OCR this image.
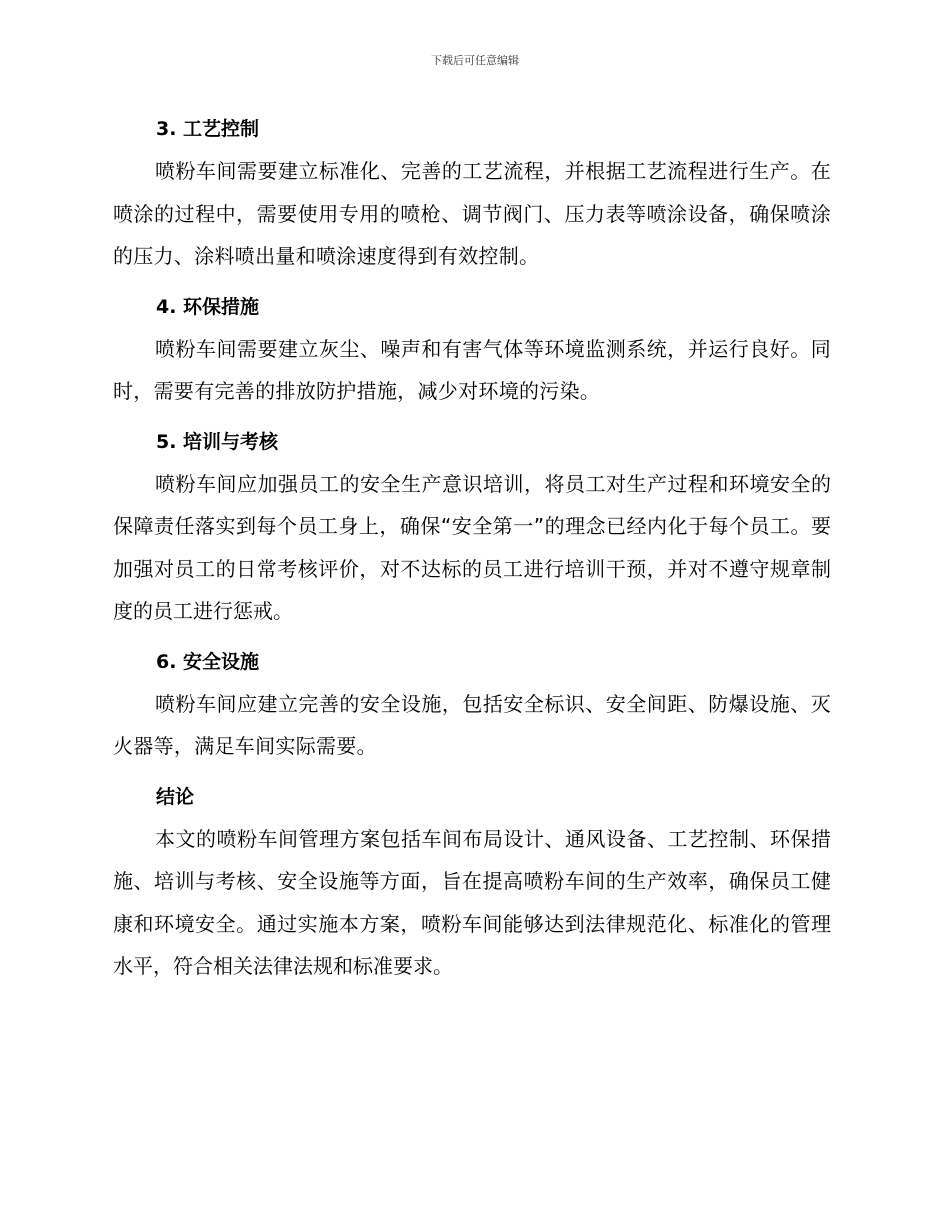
下载后可任意编辑
3. 工艺控制

喷粉车间需要建立标准化、完善的工艺流程，并根据工艺流程进行生产。在喷涂的过程中，需要使用专用的喷枪、调节阀门、压力表等喷涂设备，确保喷涂的压力、涂料喷出量和喷涂速度得到有效控制。

4. 环保措施

喷粉车间需要建立灰尘、噪声和有害气体等环境监测系统，并运行良好。同时，需要有完善的排放防护措施，减少对环境的污染。

5. 培训与考核

喷粉车间应加强员工的安全生产意识培训，将员工对生产过程和环境安全的保障责任落实到每个员工身上，确保“安全第一”的理念已经内化于每个员工。要加强对员工的日常考核评价，对不达标的员工进行培训干预，并对不遵守规章制度的员工进行惩戒。

6. 安全设施

喷粉车间应建立完善的安全设施，包括安全标识、安全间距、防爆设施、灭火器等，满足车间实际需要。

结论

本文的喷粉车间管理方案包括车间布局设计、通风设备、工艺控制、环保措施、培训与考核、安全设施等方面，旨在提高喷粉车间的生产效率，确保员工健康和环境安全。通过实施本方案，喷粉车间能够达到法律规范化、标准化的管理水平，符合相关法律法规和标准要求。
